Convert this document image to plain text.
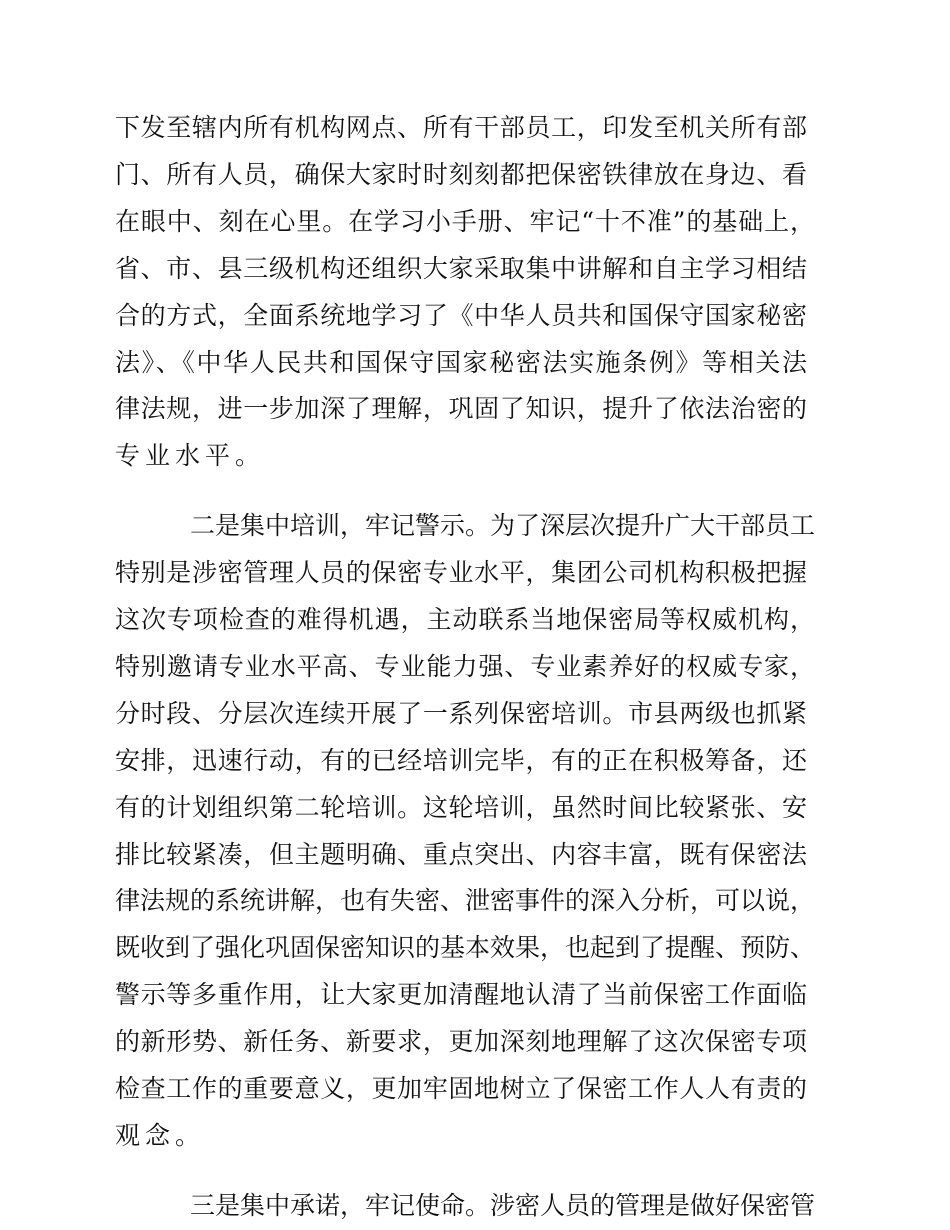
下发至辖内所有机构网点、所有干部员工，印发至机关所有部
门、所有人员，确保大家时时刻刻都把保密铁律放在身边、看
在眼中、刻在心里。在学习小手册、牢记“十不准”的基础上，
省、市、县三级机构还组织大家采取集中讲解和自主学习相结
合的方式，全面系统地学习了《中华人员共和国保守国家秘密
法》、《中华人民共和国保守国家秘密法实施条例》等相关法
律法规，进一步加深了理解，巩固了知识，提升了依法治密的
专业水平。
二是集中培训，牢记警示。为了深层次提升广大干部员工
特别是涉密管理人员的保密专业水平，集团公司机构积极把握
这次专项检查的难得机遇，主动联系当地保密局等权威机构，
特别邀请专业水平高、专业能力强、专业素养好的权威专家，
分时段、分层次连续开展了一系列保密培训。市县两级也抓紧
安排，迅速行动，有的已经培训完毕，有的正在积极筹备，还
有的计划组织第二轮培训。这轮培训，虽然时间比较紧张、安
排比较紧凑，但主题明确、重点突出、内容丰富，既有保密法
律法规的系统讲解，也有失密、泄密事件的深入分析，可以说，
既收到了强化巩固保密知识的基本效果，也起到了提醒、预防、
警示等多重作用，让大家更加清醒地认清了当前保密工作面临
的新形势、新任务、新要求，更加深刻地理解了这次保密专项
检查工作的重要意义，更加牢固地树立了保密工作人人有责的
观念。
三是集中承诺，牢记使命。涉密人员的管理是做好保密管
